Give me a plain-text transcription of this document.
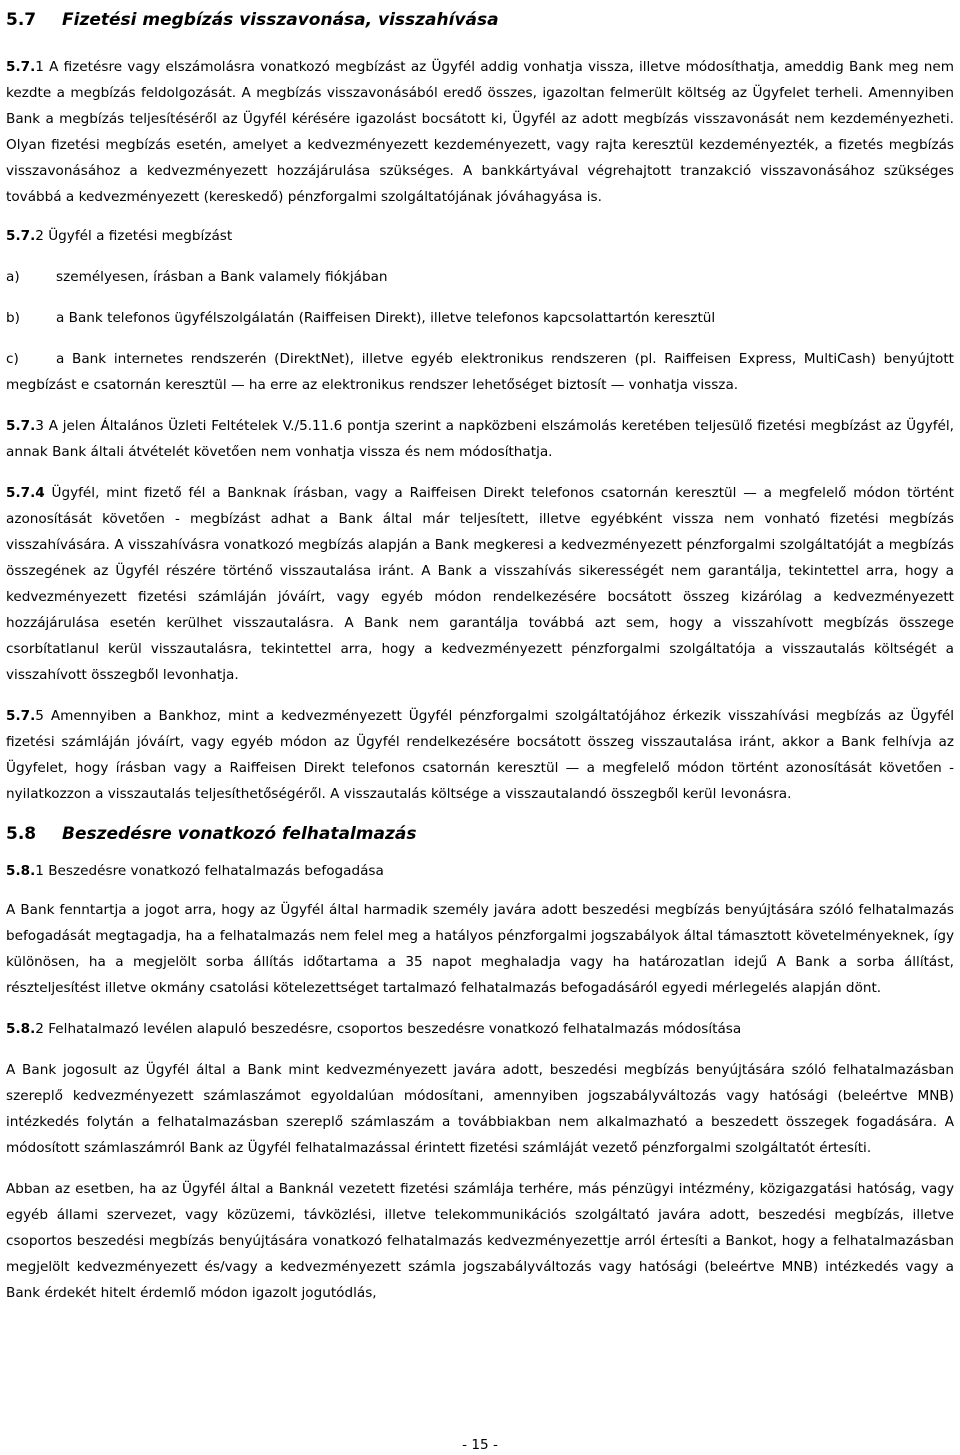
5.7 Fizetési megbízás visszavonása, visszahívása

5.7.1 A fizetésre vagy elszámolásra vonatkozó megbízást az Ügyfél addig vonhatja vissza, illetve módosíthatja, ameddig Bank meg nem kezdte a megbízás feldolgozását. A megbízás visszavonásából eredő összes, igazoltan felmerült költség az Ügyfelet terheli. Amennyiben Bank a megbízás teljesítéséről az Ügyfél kérésére igazolást bocsátott ki, Ügyfél az adott megbízás visszavonását nem kezdeményezheti. Olyan fizetési megbízás esetén, amelyet a kedvezményezett kezdeményezett, vagy rajta keresztül kezdeményezték, a fizetés megbízás visszavonásához a kedvezményezett hozzájárulása szükséges. A bankkártyával végrehajtott tranzakció visszavonásához szükséges továbbá a kedvezményezett (kereskedő) pénzforgalmi szolgáltatójának jóváhagyása is.

5.7.2 Ügyfél a fizetési megbízást

a)	személyesen, írásban a Bank valamely fiókjában
b)	a Bank telefonos ügyfélszolgálatán (Raiffeisen Direkt), illetve telefonos kapcsolattartón keresztül
c)	a Bank internetes rendszerén (DirektNet), illetve egyéb elektronikus rendszeren (pl. Raiffeisen Express, MultiCash) benyújtott megbízást e csatornán keresztül — ha erre az elektronikus rendszer lehetőséget biztosít — vonhatja vissza.

5.7.3 A jelen Általános Üzleti Feltételek V./5.11.6 pontja szerint a napközbeni elszámolás keretében teljesülő fizetési megbízást az Ügyfél, annak Bank általi átvételét követően nem vonhatja vissza és nem módosíthatja.

5.7.4 Ügyfél, mint fizető fél a Banknak írásban, vagy a Raiffeisen Direkt telefonos csatornán keresztül — a megfelelő módon történt azonosítását követően - megbízást adhat a Bank által már teljesített, illetve egyébként vissza nem vonható fizetési megbízás visszahívására. A visszahívásra vonatkozó megbízás alapján a Bank megkeresi a kedvezményezett pénzforgalmi szolgáltatóját a megbízás összegének az Ügyfél részére történő visszautalása iránt. A Bank a visszahívás sikerességét nem garantálja, tekintettel arra, hogy a kedvezményezett fizetési számláján jóváírt, vagy egyéb módon rendelkezésére bocsátott összeg kizárólag a kedvezményezett hozzájárulása esetén kerülhet visszautalásra. A Bank nem garantálja továbbá azt sem, hogy a visszahívott megbízás összege csorbítatlanul kerül visszautalásra, tekintettel arra, hogy a kedvezményezett pénzforgalmi szolgáltatója a visszautalás költségét a visszahívott összegből levonhatja.

5.7.5 Amennyiben a Bankhoz, mint a kedvezményezett Ügyfél pénzforgalmi szolgáltatójához érkezik visszahívási megbízás az Ügyfél fizetési számláján jóváírt, vagy egyéb módon az Ügyfél rendelkezésére bocsátott összeg visszautalása iránt, akkor a Bank felhívja az Ügyfelet, hogy írásban vagy a Raiffeisen Direkt telefonos csatornán keresztül — a megfelelő módon történt azonosítását követően - nyilatkozzon a visszautalás teljesíthetőségéről. A visszautalás költsége a visszautalandó összegből kerül levonásra.

5.8 Beszedésre vonatkozó felhatalmazás

5.8.1 Beszedésre vonatkozó felhatalmazás befogadása

A Bank fenntartja a jogot arra, hogy az Ügyfél által harmadik személy javára adott beszedési megbízás benyújtására szóló felhatalmazás befogadását megtagadja, ha a felhatalmazás nem felel meg a hatályos pénzforgalmi jogszabályok által támasztott követelményeknek, így különösen, ha a megjelölt sorba állítás időtartama a 35 napot meghaladja vagy ha határozatlan idejű A Bank a sorba állítást, részteljesítést illetve okmány csatolási kötelezettséget tartalmazó felhatalmazás befogadásáról egyedi mérlegelés alapján dönt.

5.8.2 Felhatalmazó levélen alapuló beszedésre, csoportos beszedésre vonatkozó felhatalmazás módosítása

A Bank jogosult az Ügyfél által a Bank mint kedvezményezett javára adott, beszedési megbízás benyújtására szóló felhatalmazásban szereplő kedvezményezett számlaszámot egyoldalúan módosítani, amennyiben jogszabályváltozás vagy hatósági (beleértve MNB) intézkedés folytán a felhatalmazásban szereplő számlaszám a továbbiakban nem alkalmazható a beszedett összegek fogadására. A módosított számlaszámról Bank az Ügyfél felhatalmazással érintett fizetési számláját vezető pénzforgalmi szolgáltatót értesíti.

Abban az esetben, ha az Ügyfél által a Banknál vezetett fizetési számlája terhére, más pénzügyi intézmény, közigazgatási hatóság, vagy egyéb állami szervezet, vagy közüzemi, távközlési, illetve telekommunikációs szolgáltató javára adott, beszedési megbízás, illetve csoportos beszedési megbízás benyújtására vonatkozó felhatalmazás kedvezményezettje arról értesíti a Bankot, hogy a felhatalmazásban megjelölt kedvezményezett és/vagy a kedvezményezett számla jogszabályváltozás vagy hatósági (beleértve MNB) intézkedés vagy a Bank érdekét hitelt érdemlő módon igazolt jogutódlás,

- 15 -
